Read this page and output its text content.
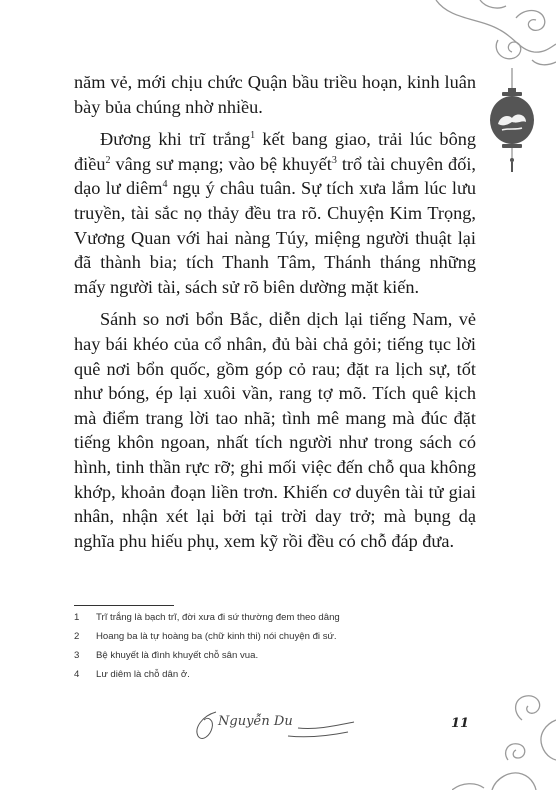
năm vẻ, mới chịu chức Quận bầu triều hoạn, kinh luân bày bủa chúng nhờ nhiều.

Đương khi trĩ trắng$^1$ kết bang giao, trải lúc bông điều$^2$ vâng sư mạng; vào bệ khuyết$^3$ trổ tài chuyên đối, dạo lư diêm$^4$ ngụ ý châu tuân. Sự tích xưa lắm lúc lưu truyền, tài sắc nọ thảy đều tra rõ. Chuyện Kim Trọng, Vương Quan với hai nàng Túy, miệng người thuật lại đã thành bia; tích Thanh Tâm, Thánh tháng những mấy người tài, sách sử rõ biên dường mặt kiến.

Sánh so nơi bổn Bắc, diễn dịch lại tiếng Nam, vẻ hay bái khéo của cổ nhân, đủ bài chả gỏi; tiếng tục lời quê nơi bổn quốc, gồm góp cỏ rau; đặt ra lịch sự, tốt như bóng, ép lại xuôi vần, rang tợ mõ. Tích quê kịch mà điểm trang lời tao nhã; tình mê mang mà đúc đặt tiếng khôn ngoan, nhất tích người như trong sách có hình, tinh thần rực rỡ; ghi mối việc đến chỗ qua không khớp, khoản đoạn liền trơn. Khiến cơ duyên tài tử giai nhân, nhận xét lại bởi tại trời day trở; mà bụng dạ nghĩa phu hiếu phụ, xem kỹ rồi đều có chỗ đáp đưa.

1	Trĩ trắng là bạch trĩ, đời xưa đi sứ thường đem theo dâng
2	Hoang ba là tự hoàng ba (chữ kinh thi) nói chuyện đi sứ.
3	Bệ khuyết là đình khuyết chỗ sân vua.
4	Lư diêm là chỗ dân ở.
Nguyễn Du	11
